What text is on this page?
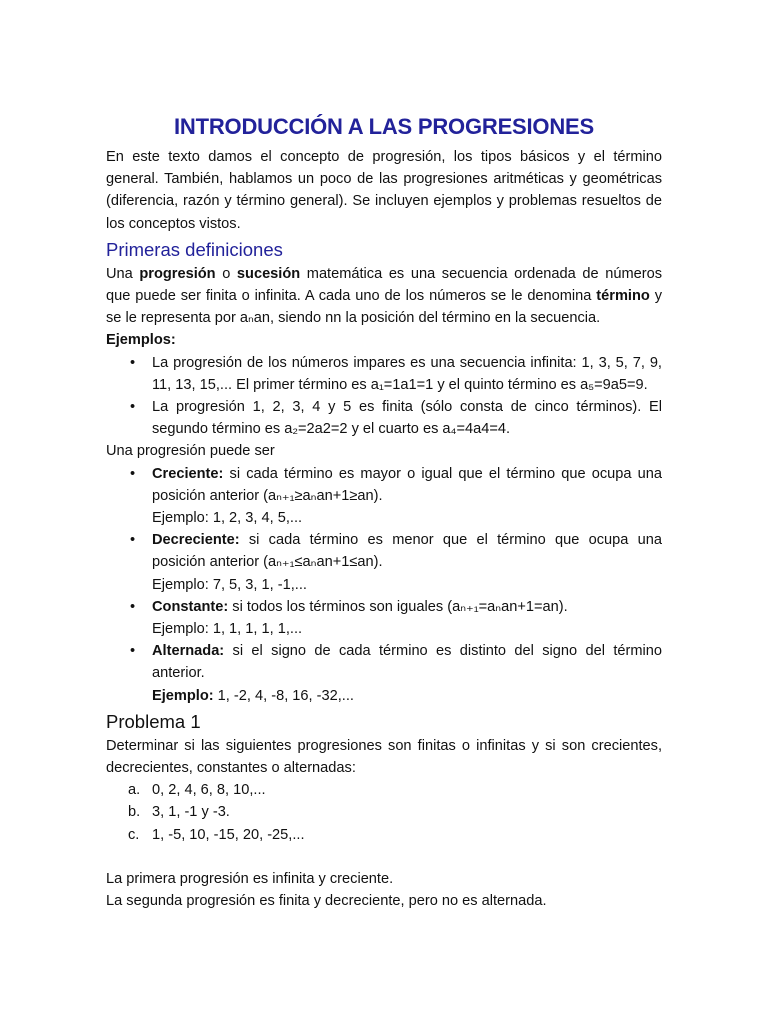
INTRODUCCIÓN A LAS PROGRESIONES

En este texto damos el concepto de progresión, los tipos básicos y el término general. También, hablamos un poco de las progresiones aritméticas y geométricas (diferencia, razón y término general). Se incluyen ejemplos y problemas resueltos de los conceptos vistos.

Primeras definiciones

Una progresión o sucesión matemática es una secuencia ordenada de números que puede ser finita o infinita. A cada uno de los números se le denomina término y se le representa por aₙan, siendo nn la posición del término en la secuencia.

Ejemplos:

• La progresión de los números impares es una secuencia infinita: 1, 3, 5, 7, 9, 11, 13, 15,... El primer término es a₁=1a1=1 y el quinto término es a₅=9a5=9.
• La progresión 1, 2, 3, 4 y 5 es finita (sólo consta de cinco términos). El segundo término es a₂=2a2=2 y el cuarto es a₄=4a4=4.

Una progresión puede ser

• Creciente: si cada término es mayor o igual que el término que ocupa una posición anterior (aₙ₊₁≥aₙan+1≥an).
Ejemplo: 1, 2, 3, 4, 5,...
• Decreciente: si cada término es menor que el término que ocupa una posición anterior (aₙ₊₁≤aₙan+1≤an).
Ejemplo: 7, 5, 3, 1, -1,...
• Constante: si todos los términos son iguales (aₙ₊₁=aₙan+1=an).
Ejemplo: 1, 1, 1, 1, 1,...
• Alternada: si el signo de cada término es distinto del signo del término anterior.
Ejemplo: 1, -2, 4, -8, 16, -32,...
Problema 1

Determinar si las siguientes progresiones son finitas o infinitas y si son crecientes, decrecientes, constantes o alternadas:

a. 0, 2, 4, 6, 8, 10,...
b. 3, 1, -1 y -3.
c. 1, -5, 10, -15, 20, -25,...

La primera progresión es infinita y creciente.

La segunda progresión es finita y decreciente, pero no es alternada.
